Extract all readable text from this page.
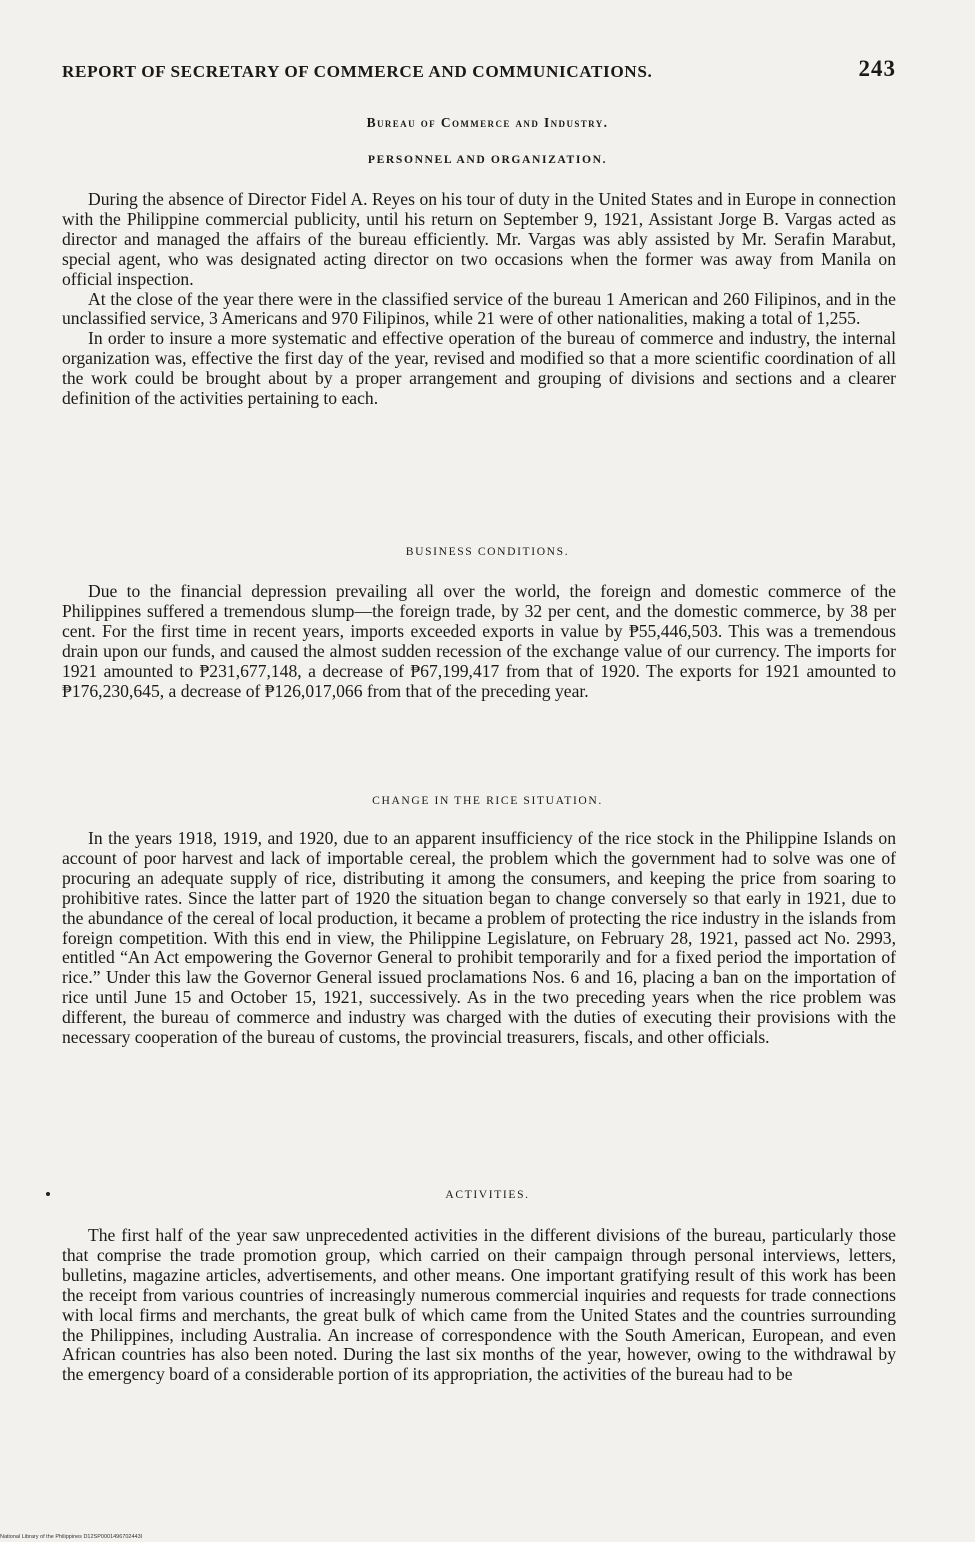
REPORT OF SECRETARY OF COMMERCE AND COMMUNICATIONS.	243
Bureau of Commerce and Industry.
PERSONNEL AND ORGANIZATION.

During the absence of Director Fidel A. Reyes on his tour of duty in the United States and in Europe in connection with the Philippine commercial publicity, until his return on September 9, 1921, Assistant Jorge B. Vargas acted as director and managed the affairs of the bureau efficiently. Mr. Vargas was ably assisted by Mr. Serafin Marabut, special agent, who was designated acting director on two occasions when the former was away from Manila on official inspection.

At the close of the year there were in the classified service of the bureau 1 American and 260 Filipinos, and in the unclassified service, 3 Americans and 970 Filipinos, while 21 were of other nationalities, making a total of 1,255.

In order to insure a more systematic and effective operation of the bureau of commerce and industry, the internal organization was, effective the first day of the year, revised and modified so that a more scientific coordination of all the work could be brought about by a proper arrangement and grouping of divisions and sections and a clearer definition of the activities pertaining to each.

BUSINESS CONDITIONS.

Due to the financial depression prevailing all over the world, the foreign and domestic commerce of the Philippines suffered a tremendous slump—the foreign trade, by 32 per cent, and the domestic commerce, by 38 per cent. For the first time in recent years, imports exceeded exports in value by ₱55,446,503. This was a tremendous drain upon our funds, and caused the almost sudden recession of the exchange value of our currency. The imports for 1921 amounted to ₱231,677,148, a decrease of ₱67,199,417 from that of 1920. The exports for 1921 amounted to ₱176,230,645, a decrease of ₱126,017,066 from that of the preceding year.

CHANGE IN THE RICE SITUATION.

In the years 1918, 1919, and 1920, due to an apparent insufficiency of the rice stock in the Philippine Islands on account of poor harvest and lack of importable cereal, the problem which the government had to solve was one of procuring an adequate supply of rice, distributing it among the consumers, and keeping the price from soaring to prohibitive rates. Since the latter part of 1920 the situation began to change conversely so that early in 1921, due to the abundance of the cereal of local production, it became a problem of protecting the rice industry in the islands from foreign competition. With this end in view, the Philippine Legislature, on February 28, 1921, passed act No. 2993, entitled “An Act empowering the Governor General to prohibit temporarily and for a fixed period the importation of rice.” Under this law the Governor General issued proclamations Nos. 6 and 16, placing a ban on the importation of rice until June 15 and October 15, 1921, successively. As in the two preceding years when the rice problem was different, the bureau of commerce and industry was charged with the duties of executing their provisions with the necessary cooperation of the bureau of customs, the provincial treasurers, fiscals, and other officials.

ACTIVITIES.

The first half of the year saw unprecedented activities in the different divisions of the bureau, particularly those that comprise the trade promotion group, which carried on their campaign through personal interviews, letters, bulletins, magazine articles, advertisements, and other means. One important gratifying result of this work has been the receipt from various countries of increasingly numerous commercial inquiries and requests for trade connections with local firms and merchants, the great bulk of which came from the United States and the countries surrounding the Philippines, including Australia. An increase of correspondence with the South American, European, and even African countries has also been noted. During the last six months of the year, however, owing to the withdrawal by the emergency board of a considerable portion of its appropriation, the activities of the bureau had to be

National Library of the Philippines D12SP0001496702443I
